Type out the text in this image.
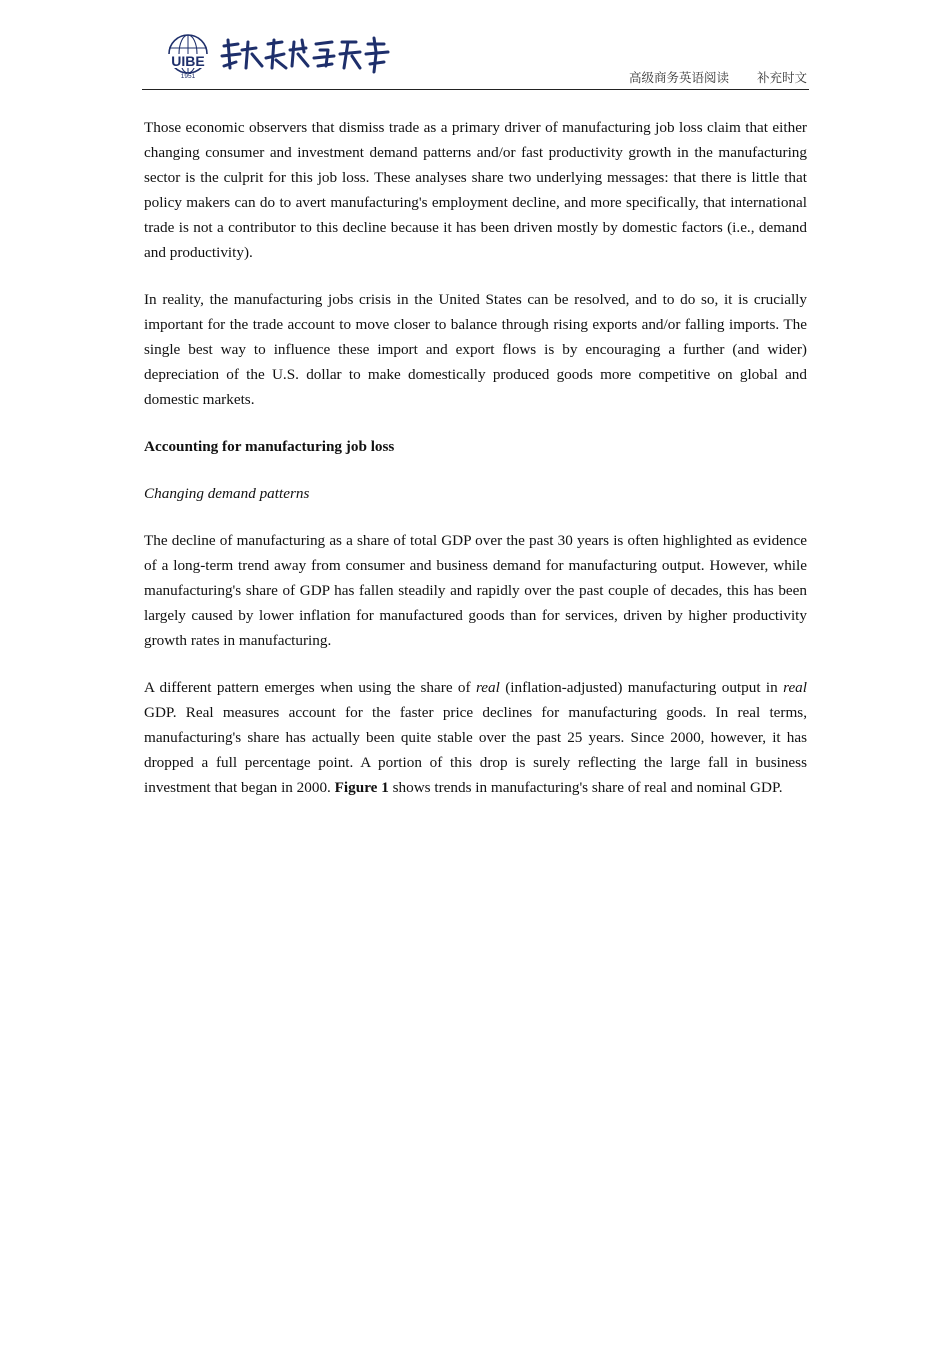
UIBE
1951	高级商务英语阅读 补充时文

Those economic observers that dismiss trade as a primary driver of manufacturing job loss claim that either changing consumer and investment demand patterns and/or fast productivity growth in the manufacturing sector is the culprit for this job loss. These analyses share two underlying messages: that there is little that policy makers can do to avert manufacturing's employment decline, and more specifically, that international trade is not a contributor to this decline because it has been driven mostly by domestic factors (i.e., demand and productivity).

In reality, the manufacturing jobs crisis in the United States can be resolved, and to do so, it is crucially important for the trade account to move closer to balance through rising exports and/or falling imports. The single best way to influence these import and export flows is by encouraging a further (and wider) depreciation of the U.S. dollar to make domestically produced goods more competitive on global and domestic markets.

Accounting for manufacturing job loss

Changing demand patterns

The decline of manufacturing as a share of total GDP over the past 30 years is often highlighted as evidence of a long-term trend away from consumer and business demand for manufacturing output. However, while manufacturing's share of GDP has fallen steadily and rapidly over the past couple of decades, this has been largely caused by lower inflation for manufactured goods than for services, driven by higher productivity growth rates in manufacturing.

A different pattern emerges when using the share of real (inflation-adjusted) manufacturing output in real GDP. Real measures account for the faster price declines for manufacturing goods. In real terms, manufacturing's share has actually been quite stable over the past 25 years. Since 2000, however, it has dropped a full percentage point. A portion of this drop is surely reflecting the large fall in business investment that began in 2000. Figure 1 shows trends in manufacturing's share of real and nominal GDP.
